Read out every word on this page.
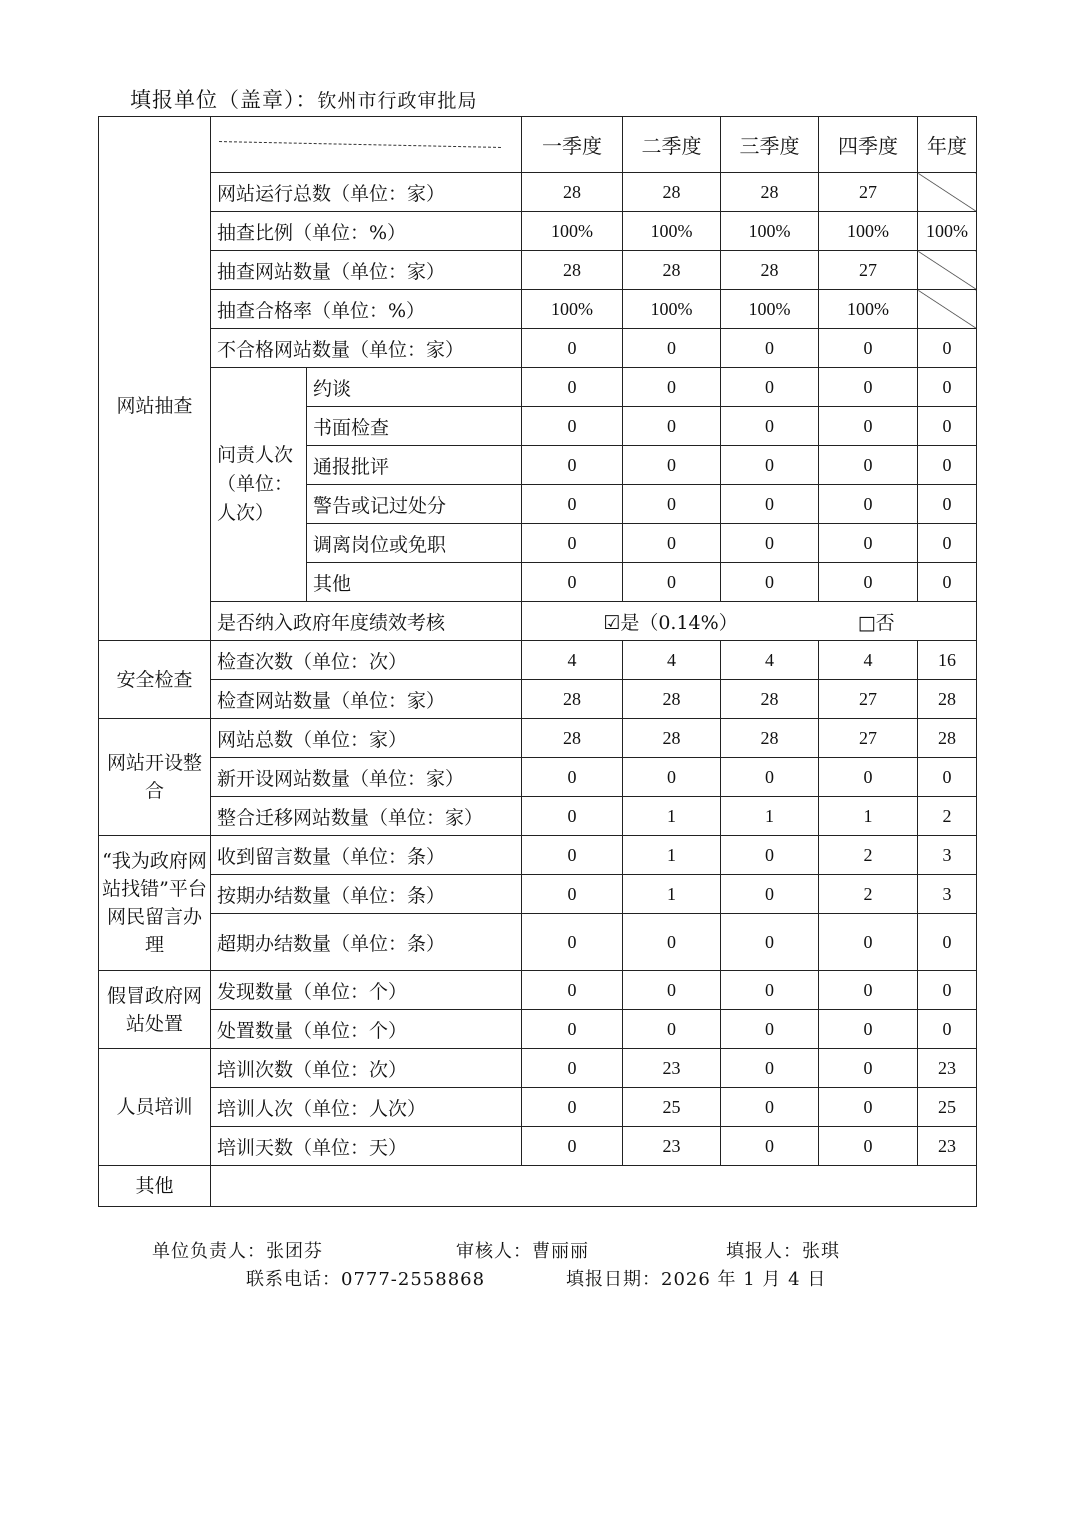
填报单位（盖章）：钦州市行政审批局

		一季度	二季度	三季度	四季度	年度
网站抽查	网站运行总数（单位：家）		28	28	28	27	
	抽查比例（单位：%）		100%	100%	100%	100%	100%
	抽查网站数量（单位：家）		28	28	28	27	
	抽查合格率（单位：%）		100%	100%	100%	100%	
	不合格网站数量（单位：家）		0	0	0	0	0
	问责人次（单位：人次）	约谈	0	0	0	0	0
		书面检查	0	0	0	0	0
		通报批评	0	0	0	0	0
		警告或记过处分	0	0	0	0	0
		调离岗位或免职	0	0	0	0	0
		其他	0	0	0	0	0
	是否纳入政府年度绩效考核		☑是（0.14%） □否				
安全检查	检查次数（单位：次）		4	4	4	4	16
	检查网站数量（单位：家）		28	28	28	27	28
网站开设整合	网站总数（单位：家）		28	28	28	27	28
	新开设网站数量（单位：家）		0	0	0	0	0
	整合迁移网站数量（单位：家）		0	1	1	1	2
“我为政府网站找错”平台网民留言办理	收到留言数量（单位：条）		0	1	0	2	3
	按期办结数量（单位：条）		0	1	0	2	3
	超期办结数量（单位：条）		0	0	0	0	0
假冒政府网站处置	发现数量（单位：个）		0	0	0	0	0
	处置数量（单位：个）		0	0	0	0	0
人员培训	培训次数（单位：次）		0	23	0	0	23
	培训人次（单位：人次）		0	25	0	0	25
	培训天数（单位：天）		0	23	0	0	23
其他							
单位负责人：张团芬	审核人：曹丽丽	填报人：张琪
联系电话：0777-2558868	填报日期：2026 年 1 月 4 日
